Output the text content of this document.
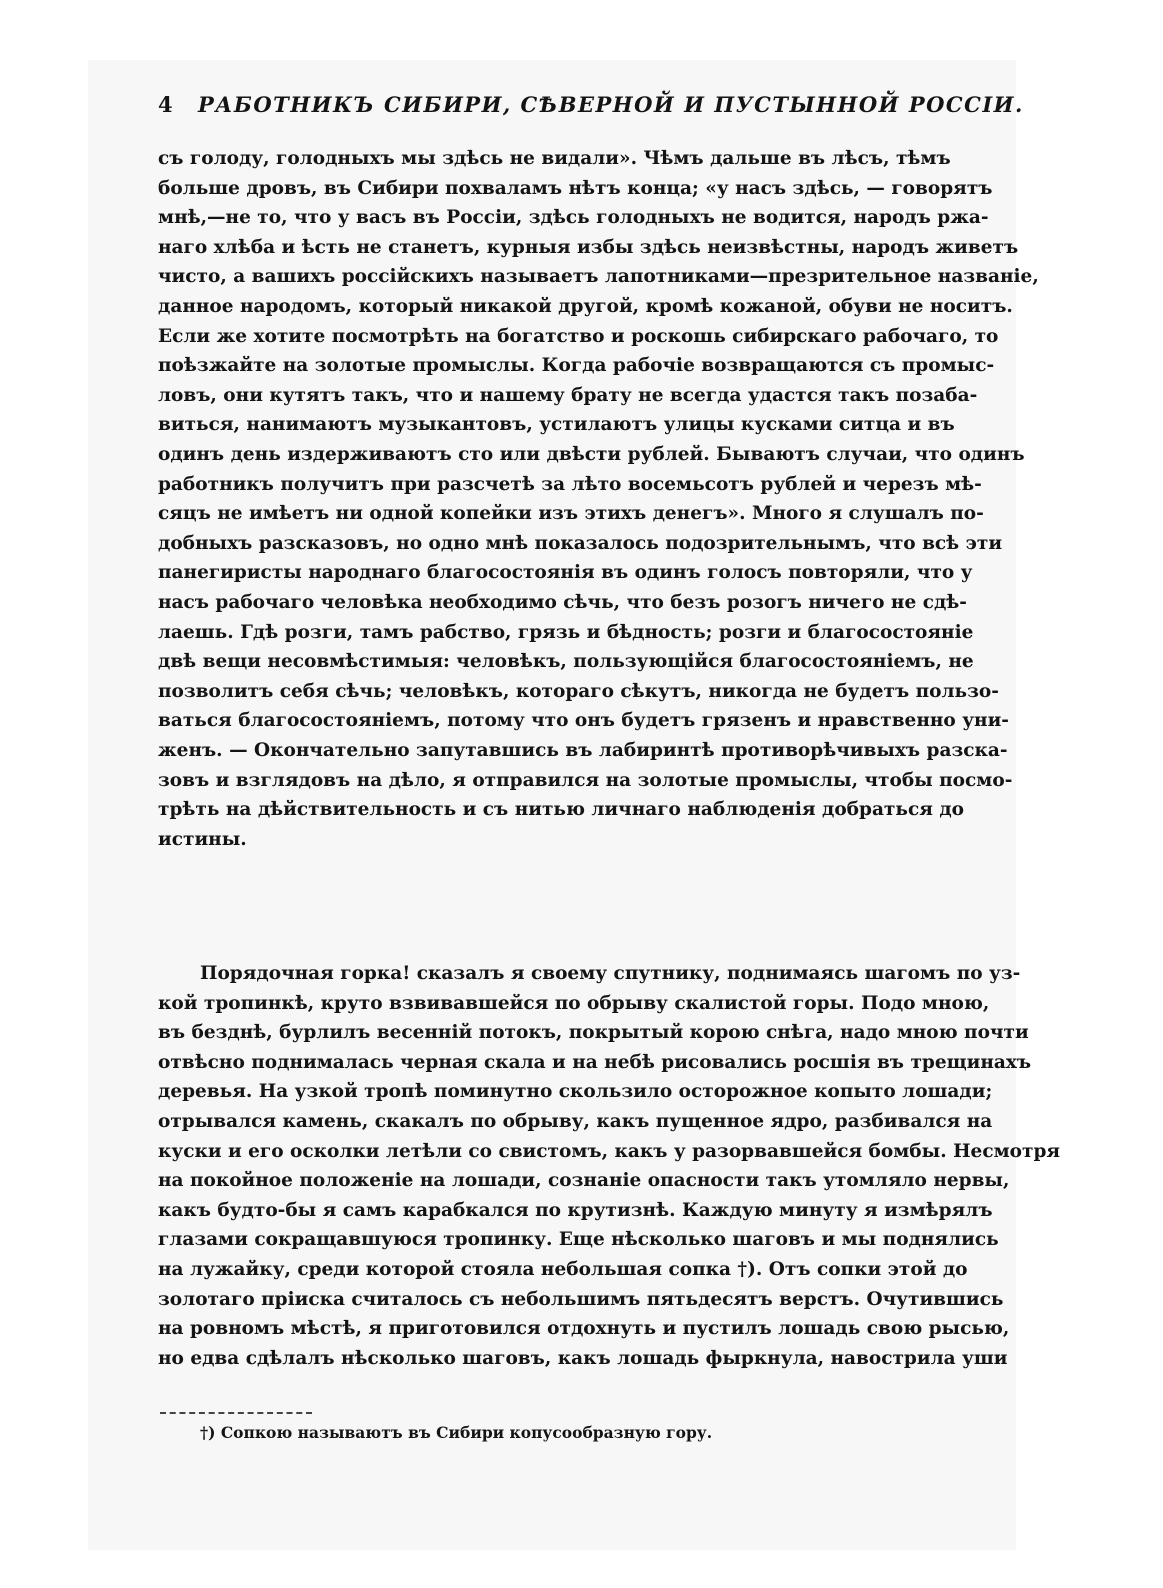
4 РАБОТНИКЪ СИБИРИ, СѢВЕРНОЙ И ПУСТЫННОЙ РОССІИ.
съ голоду, голодныхъ мы здѣсь не видали». Чѣмъ дальше въ лѣсъ, тѣмъ
больше дровъ, въ Сибири похваламъ нѣтъ конца; «у насъ здѣсь, — говорятъ
мнѣ,—не то, что у васъ въ Россіи, здѣсь голодныхъ не водится, народъ ржа-
наго хлѣба и ѣсть не станетъ, курныя избы здѣсь неизвѣстны, народъ живетъ
чисто, а вашихъ россійскихъ называетъ лапотниками—презрительное названіе,
данное народомъ, который никакой другой, кромѣ кожаной, обуви не носитъ.
Если же хотите посмотрѣть на богатство и роскошь сибирскаго рабочаго, то
поѣзжайте на золотые промыслы. Когда рабочіе возвращаются съ промыс-
ловъ, они кутятъ такъ, что и нашему брату не всегда удастся такъ позаба-
виться, нанимаютъ музыкантовъ, устилаютъ улицы кусками ситца и въ
одинъ день издерживаютъ сто или двѣсти рублей. Бываютъ случаи, что одинъ
работникъ получитъ при разсчетѣ за лѣто восемьсотъ рублей и черезъ мѣ-
сяцъ не имѣетъ ни одной копейки изъ этихъ денегъ». Много я слушалъ по-
добныхъ разсказовъ, но одно мнѣ показалось подозрительнымъ, что всѣ эти
панегиристы народнаго благосостоянія въ одинъ голосъ повторяли, что у
насъ рабочаго человѣка необходимо сѣчь, что безъ розогъ ничего не сдѣ-
лаешь. Гдѣ розги, тамъ рабство, грязь и бѣдность; розги и благосостояніе
двѣ вещи несовмѣстимыя: человѣкъ, пользующійся благосостояніемъ, не
позволитъ себя сѣчь; человѣкъ, котораго сѣкутъ, никогда не будетъ пользо-
ваться благосостояніемъ, потому что онъ будетъ грязенъ и нравственно уни-
женъ. — Окончательно запутавшись въ лабиринтѣ противорѣчивыхъ разска-
зовъ и взглядовъ на дѣло, я отправился на золотые промыслы, чтобы посмо-
трѣть на дѣйствительность и съ нитью личнаго наблюденія добраться до
истины.
Порядочная горка! сказалъ я своему спутнику, поднимаясь шагомъ по уз-
кой тропинкѣ, круто взвивавшейся по обрыву скалистой горы. Подо мною,
въ безднѣ, бурлилъ весенній потокъ, покрытый корою снѣга, надо мною почти
отвѣсно поднималась черная скала и на небѣ рисовались росшія въ трещинахъ
деревья. На узкой тропѣ поминутно скользило осторожное копыто лошади;
отрывался камень, скакалъ по обрыву, какъ пущенное ядро, разбивался на
куски и его осколки летѣли со свистомъ, какъ у разорвавшейся бомбы. Несмотря
на покойное положеніе на лошади, сознаніе опасности такъ утомляло нервы,
какъ будто-бы я самъ карабкался по крутизнѣ. Каждую минуту я измѣрялъ
глазами сокращавшуюся тропинку. Еще нѣсколько шаговъ и мы поднялись
на лужайку, среди которой стояла небольшая сопка †). Отъ сопки этой до
золотаго пріиска считалось съ небольшимъ пятьдесятъ верстъ. Очутившись
на ровномъ мѣстѣ, я приготовился отдохнуть и пустилъ лошадь свою рысью,
но едва сдѣлалъ нѣсколько шаговъ, какъ лошадь фыркнула, навострила уши
†) Сопкою называютъ въ Сибири копусообразную гору.
